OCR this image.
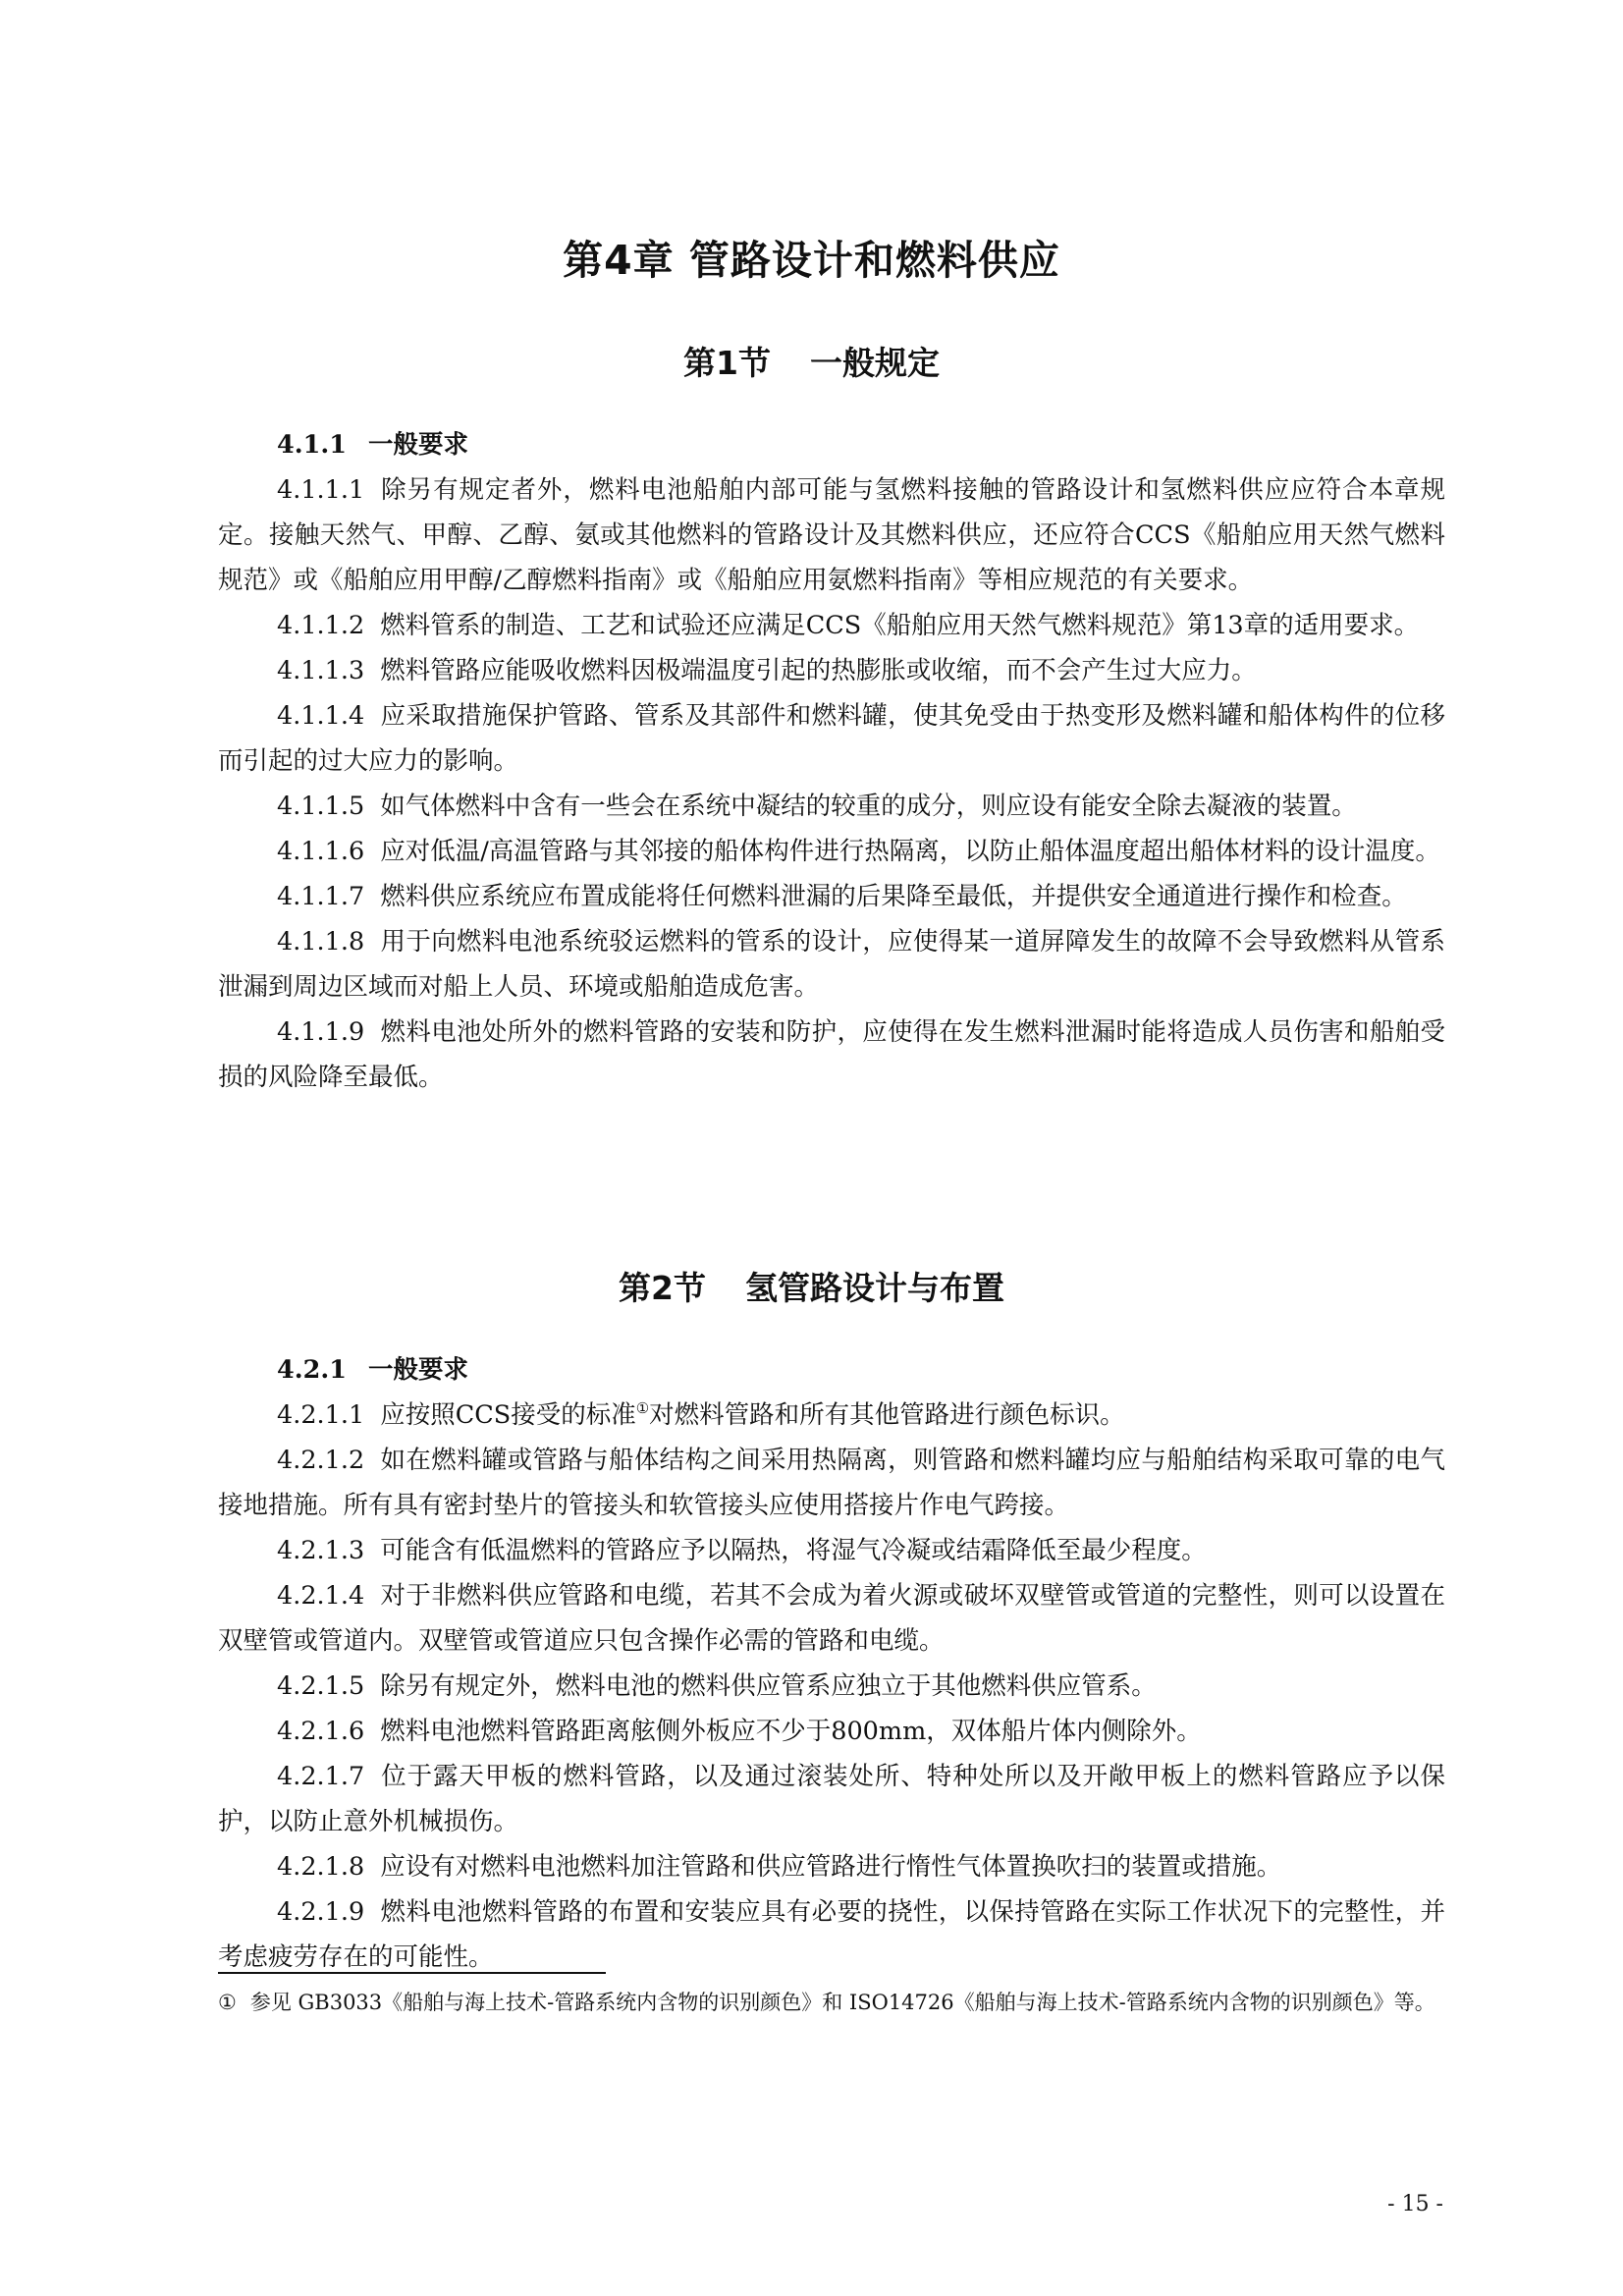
第4章 管路设计和燃料供应
第1节 一般规定

4.1.1 一般要求

4.1.1.1 除另有规定者外，燃料电池船舶内部可能与氢燃料接触的管路设计和氢燃料供应应符合本章规定。接触天然气、甲醇、乙醇、氨或其他燃料的管路设计及其燃料供应，还应符合CCS《船舶应用天然气燃料规范》或《船舶应用甲醇/乙醇燃料指南》或《船舶应用氨燃料指南》等相应规范的有关要求。

4.1.1.2 燃料管系的制造、工艺和试验还应满足CCS《船舶应用天然气燃料规范》第13章的适用要求。

4.1.1.3 燃料管路应能吸收燃料因极端温度引起的热膨胀或收缩，而不会产生过大应力。

4.1.1.4 应采取措施保护管路、管系及其部件和燃料罐，使其免受由于热变形及燃料罐和船体构件的位移而引起的过大应力的影响。

4.1.1.5 如气体燃料中含有一些会在系统中凝结的较重的成分，则应设有能安全除去凝液的装置。

4.1.1.6 应对低温/高温管路与其邻接的船体构件进行热隔离，以防止船体温度超出船体材料的设计温度。

4.1.1.7 燃料供应系统应布置成能将任何燃料泄漏的后果降至最低，并提供安全通道进行操作和检查。

4.1.1.8 用于向燃料电池系统驳运燃料的管系的设计，应使得某一道屏障发生的故障不会导致燃料从管系泄漏到周边区域而对船上人员、环境或船舶造成危害。

4.1.1.9 燃料电池处所外的燃料管路的安装和防护，应使得在发生燃料泄漏时能将造成人员伤害和船舶受损的风险降至最低。

第2节 氢管路设计与布置

4.2.1 一般要求

4.2.1.1 应按照CCS接受的标准①对燃料管路和所有其他管路进行颜色标识。

4.2.1.2 如在燃料罐或管路与船体结构之间采用热隔离，则管路和燃料罐均应与船舶结构采取可靠的电气接地措施。所有具有密封垫片的管接头和软管接头应使用搭接片作电气跨接。

4.2.1.3 可能含有低温燃料的管路应予以隔热，将湿气冷凝或结霜降低至最少程度。

4.2.1.4 对于非燃料供应管路和电缆，若其不会成为着火源或破坏双壁管或管道的完整性，则可以设置在双壁管或管道内。双壁管或管道应只包含操作必需的管路和电缆。

4.2.1.5 除另有规定外，燃料电池的燃料供应管系应独立于其他燃料供应管系。

4.2.1.6 燃料电池燃料管路距离舷侧外板应不少于800mm，双体船片体内侧除外。

4.2.1.7 位于露天甲板的燃料管路，以及通过滚装处所、特种处所以及开敞甲板上的燃料管路应予以保护，以防止意外机械损伤。

4.2.1.8 应设有对燃料电池燃料加注管路和供应管路进行惰性气体置换吹扫的装置或措施。

4.2.1.9 燃料电池燃料管路的布置和安装应具有必要的挠性，以保持管路在实际工作状况下的完整性，并考虑疲劳存在的可能性。

① 参见 GB3033《船舶与海上技术-管路系统内含物的识别颜色》和 ISO14726《船舶与海上技术-管路系统内含物的识别颜色》等。

- 15 -
